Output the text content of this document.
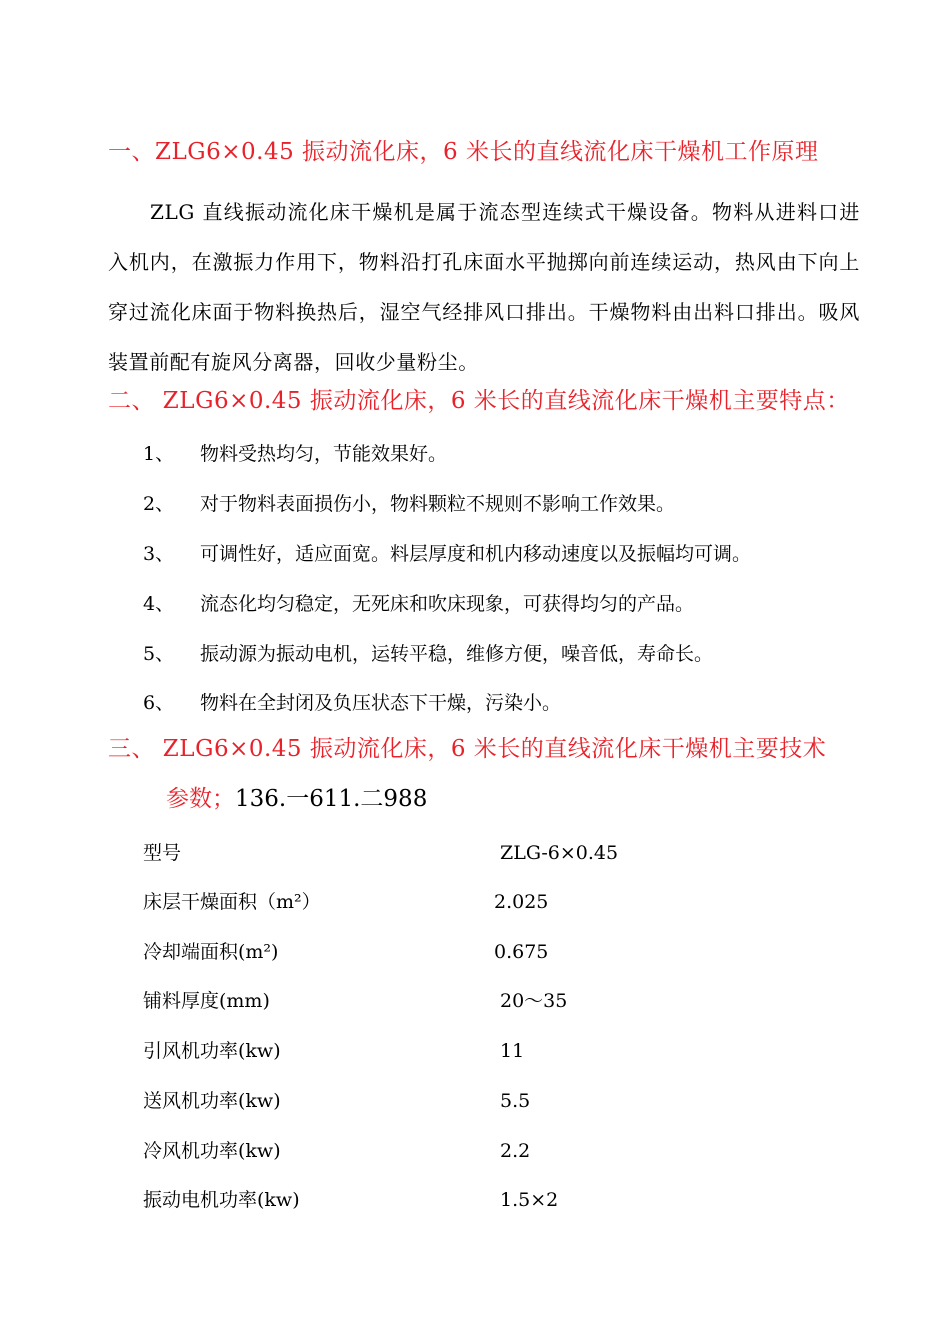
一、ZLG6×0.45 振动流化床，6 米长的直线流化床干燥机工作原理
ZLG 直线振动流化床干燥机是属于流态型连续式干燥设备。物料从进料口进入机内，在激振力作用下，物料沿打孔床面水平抛掷向前连续运动，热风由下向上穿过流化床面于物料换热后，湿空气经排风口排出。干燥物料由出料口排出。吸风装置前配有旋风分离器，回收少量粉尘。
二、 ZLG6×0.45 振动流化床，6 米长的直线流化床干燥机主要特点：
1、 物料受热均匀，节能效果好。
2、 对于物料表面损伤小，物料颗粒不规则不影响工作效果。
3、 可调性好，适应面宽。料层厚度和机内移动速度以及振幅均可调。
4、 流态化均匀稳定，无死床和吹床现象，可获得均匀的产品。
5、 振动源为振动电机，运转平稳，维修方便，噪音低，寿命长。
6、 物料在全封闭及负压状态下干燥，污染小。
三、 ZLG6×0.45 振动流化床，6 米长的直线流化床干燥机主要技术
参数；136.一611.二988
型号	ZLG-6×0.45
床层干燥面积（m²）	2.025
冷却端面积(m²)	0.675
铺料厚度(mm)	20～35
引风机功率(kw)	11
送风机功率(kw)	5.5
冷风机功率(kw)	2.2
振动电机功率(kw)	1.5×2
